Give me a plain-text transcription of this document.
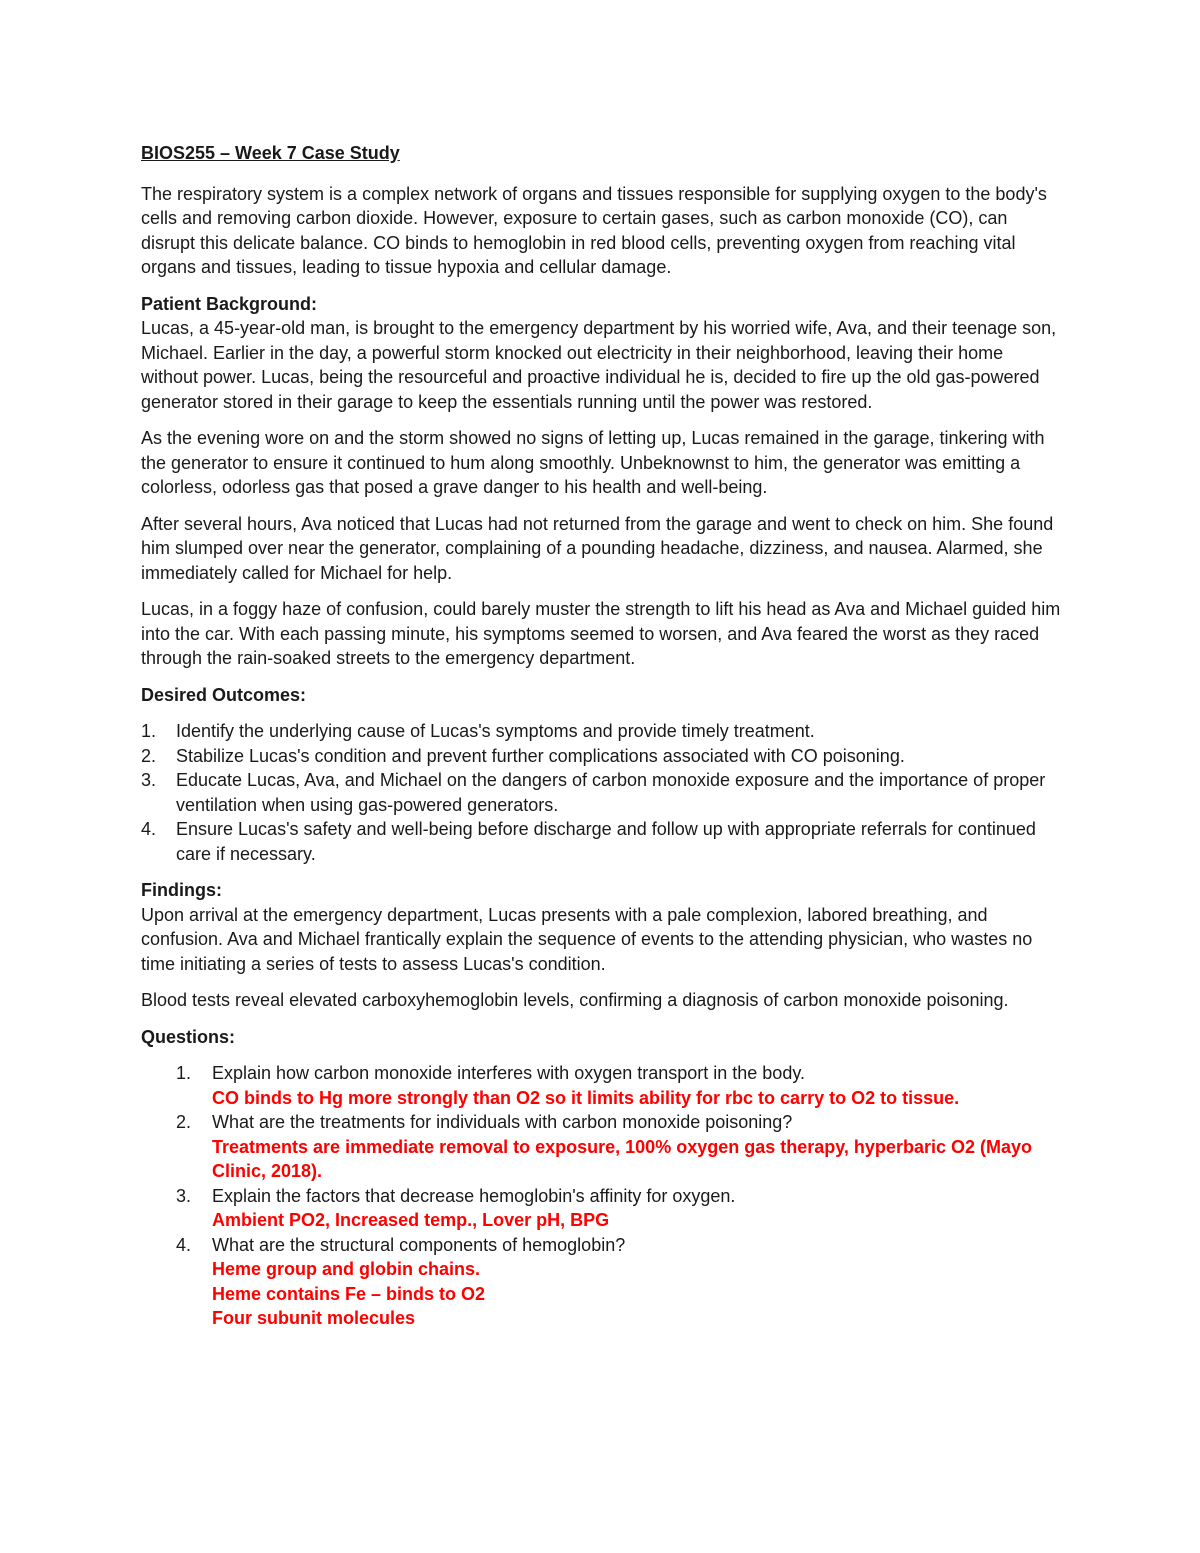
BIOS255 – Week 7 Case Study

The respiratory system is a complex network of organs and tissues responsible for supplying oxygen to the body's cells and removing carbon dioxide. However, exposure to certain gases, such as carbon monoxide (CO), can disrupt this delicate balance. CO binds to hemoglobin in red blood cells, preventing oxygen from reaching vital organs and tissues, leading to tissue hypoxia and cellular damage.

Patient Background:

Lucas, a 45-year-old man, is brought to the emergency department by his worried wife, Ava, and their teenage son, Michael. Earlier in the day, a powerful storm knocked out electricity in their neighborhood, leaving their home without power. Lucas, being the resourceful and proactive individual he is, decided to fire up the old gas-powered generator stored in their garage to keep the essentials running until the power was restored.

As the evening wore on and the storm showed no signs of letting up, Lucas remained in the garage, tinkering with the generator to ensure it continued to hum along smoothly. Unbeknownst to him, the generator was emitting a colorless, odorless gas that posed a grave danger to his health and well-being.

After several hours, Ava noticed that Lucas had not returned from the garage and went to check on him. She found him slumped over near the generator, complaining of a pounding headache, dizziness, and nausea. Alarmed, she immediately called for Michael for help.

Lucas, in a foggy haze of confusion, could barely muster the strength to lift his head as Ava and Michael guided him into the car. With each passing minute, his symptoms seemed to worsen, and Ava feared the worst as they raced through the rain-soaked streets to the emergency department.

Desired Outcomes:
1. Identify the underlying cause of Lucas's symptoms and provide timely treatment.
2. Stabilize Lucas's condition and prevent further complications associated with CO poisoning.
3. Educate Lucas, Ava, and Michael on the dangers of carbon monoxide exposure and the importance of proper ventilation when using gas-powered generators.
4. Ensure Lucas's safety and well-being before discharge and follow up with appropriate referrals for continued care if necessary.
Findings:

Upon arrival at the emergency department, Lucas presents with a pale complexion, labored breathing, and confusion. Ava and Michael frantically explain the sequence of events to the attending physician, who wastes no time initiating a series of tests to assess Lucas's condition.

Blood tests reveal elevated carboxyhemoglobin levels, confirming a diagnosis of carbon monoxide poisoning.

Questions:
1. Explain how carbon monoxide interferes with oxygen transport in the body.
CO binds to Hg more strongly than O2 so it limits ability for rbc to carry to O2 to tissue.
2. What are the treatments for individuals with carbon monoxide poisoning?
Treatments are immediate removal to exposure, 100% oxygen gas therapy, hyperbaric O2 (Mayo Clinic, 2018).
3. Explain the factors that decrease hemoglobin's affinity for oxygen.
Ambient PO2, Increased temp., Lover pH, BPG
4. What are the structural components of hemoglobin?
Heme group and globin chains.
Heme contains Fe – binds to O2
Four subunit molecules
